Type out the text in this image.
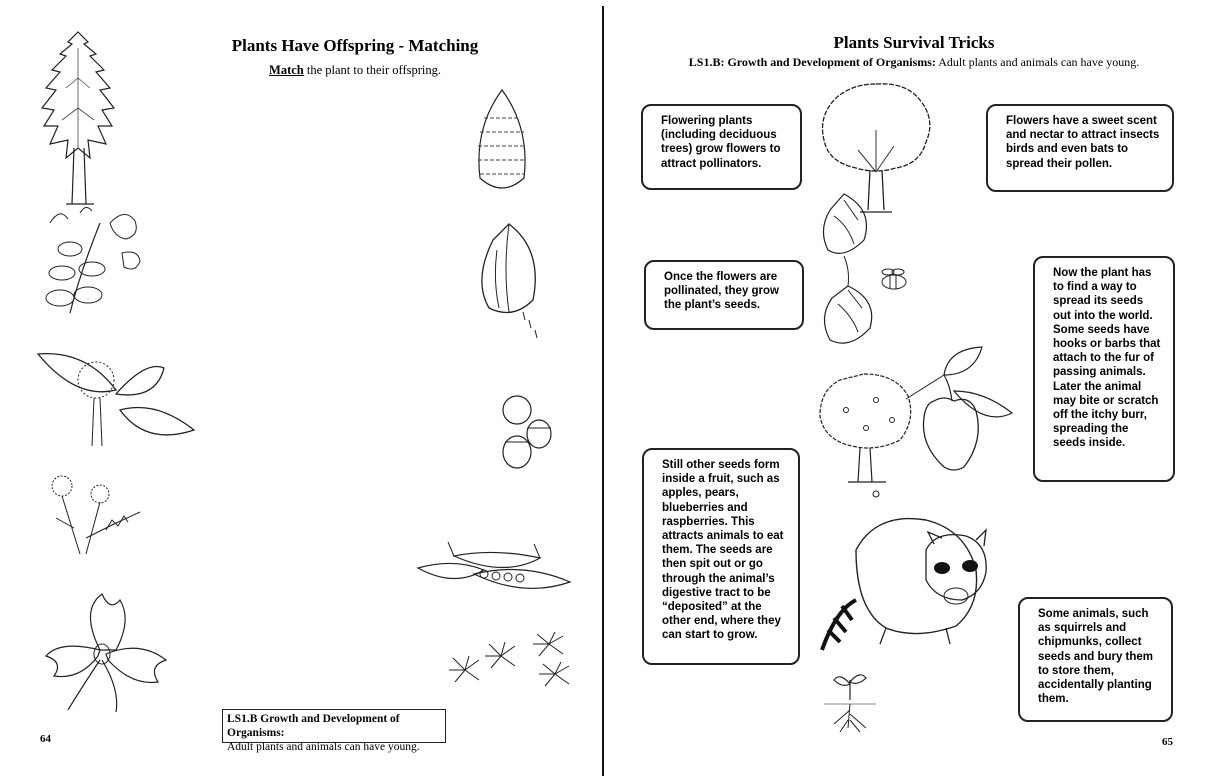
Plants Have Offspring - Matching
Match the plant to their offspring.
LS1.B Growth and Development of Organisms:
Adult plants and animals can have young.
64
Plants Survival Tricks
LS1.B: Growth and Development of Organisms: Adult plants and animals can have young.
Flowering plants (including deciduous trees) grow flowers to attract pollinators.
Flowers have a sweet scent and nectar to attract insects birds and even bats to spread their pollen.
Once the flowers are pollinated, they grow the plant’s seeds.
Now the plant has to find a way to spread its seeds out into the world. Some seeds have hooks or barbs that attach to the fur of passing animals. Later the animal may bite or scratch off the itchy burr, spreading the seeds inside.
Still other seeds form inside a fruit, such as apples, pears, blueberries and raspberries. This attracts animals to eat them. The seeds are then spit out or go through the animal’s digestive tract to be “deposited” at the other end, where they can start to grow.
Some animals, such as squirrels and chipmunks, collect seeds and bury them to store them, accidentally planting them.
65
